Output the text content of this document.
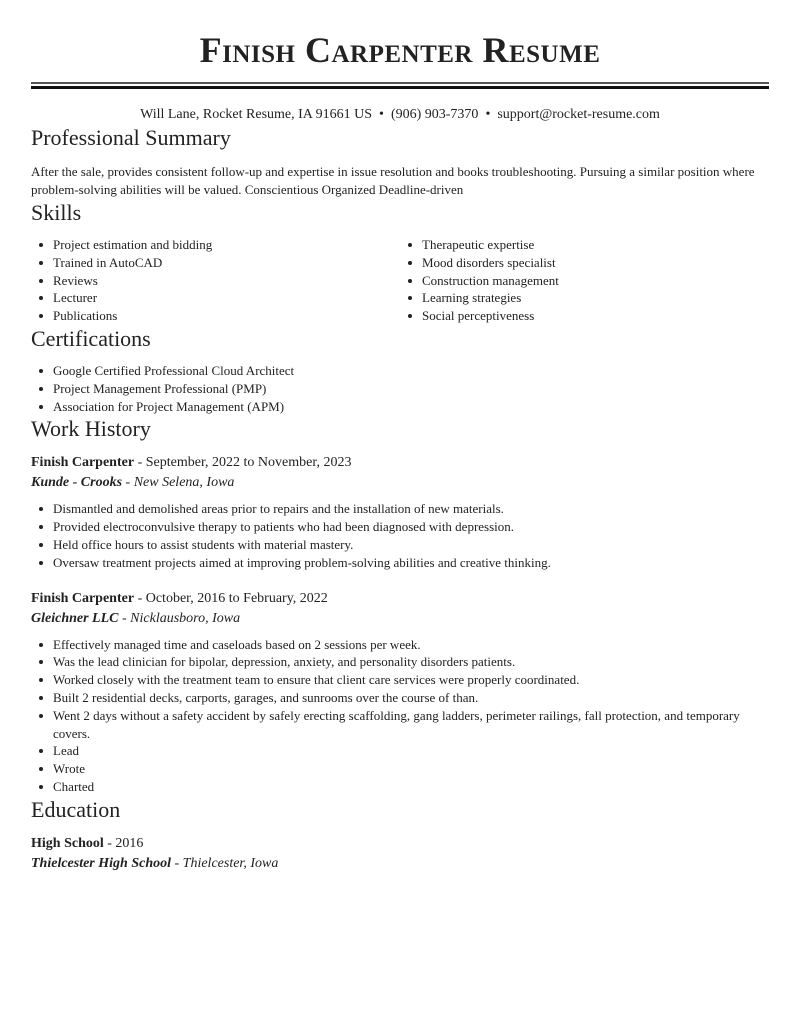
Finish Carpenter Resume
Will Lane, Rocket Resume, IA 91661 US • (906) 903-7370 • support@rocket-resume.com
Professional Summary

After the sale, provides consistent follow-up and expertise in issue resolution and books troubleshooting. Pursuing a similar position where problem-solving abilities will be valued. Conscientious Organized Deadline-driven

Skills
Project estimation and bidding
Trained in AutoCAD
Reviews
Lecturer
Publications
Therapeutic expertise
Mood disorders specialist
Construction management
Learning strategies
Social perceptiveness
Certifications
Google Certified Professional Cloud Architect
Project Management Professional (PMP)
Association for Project Management (APM)
Work History
Finish Carpenter - September, 2022 to November, 2023
Kunde - Crooks - New Selena, Iowa
Dismantled and demolished areas prior to repairs and the installation of new materials.
Provided electroconvulsive therapy to patients who had been diagnosed with depression.
Held office hours to assist students with material mastery.
Oversaw treatment projects aimed at improving problem-solving abilities and creative thinking.
Finish Carpenter - October, 2016 to February, 2022
Gleichner LLC - Nicklausboro, Iowa
Effectively managed time and caseloads based on 2 sessions per week.
Was the lead clinician for bipolar, depression, anxiety, and personality disorders patients.
Worked closely with the treatment team to ensure that client care services were properly coordinated.
Built 2 residential decks, carports, garages, and sunrooms over the course of than.
Went 2 days without a safety accident by safely erecting scaffolding, gang ladders, perimeter railings, fall protection, and temporary covers.
Lead
Wrote
Charted
Education
High School - 2016
Thielcester High School - Thielcester, Iowa
